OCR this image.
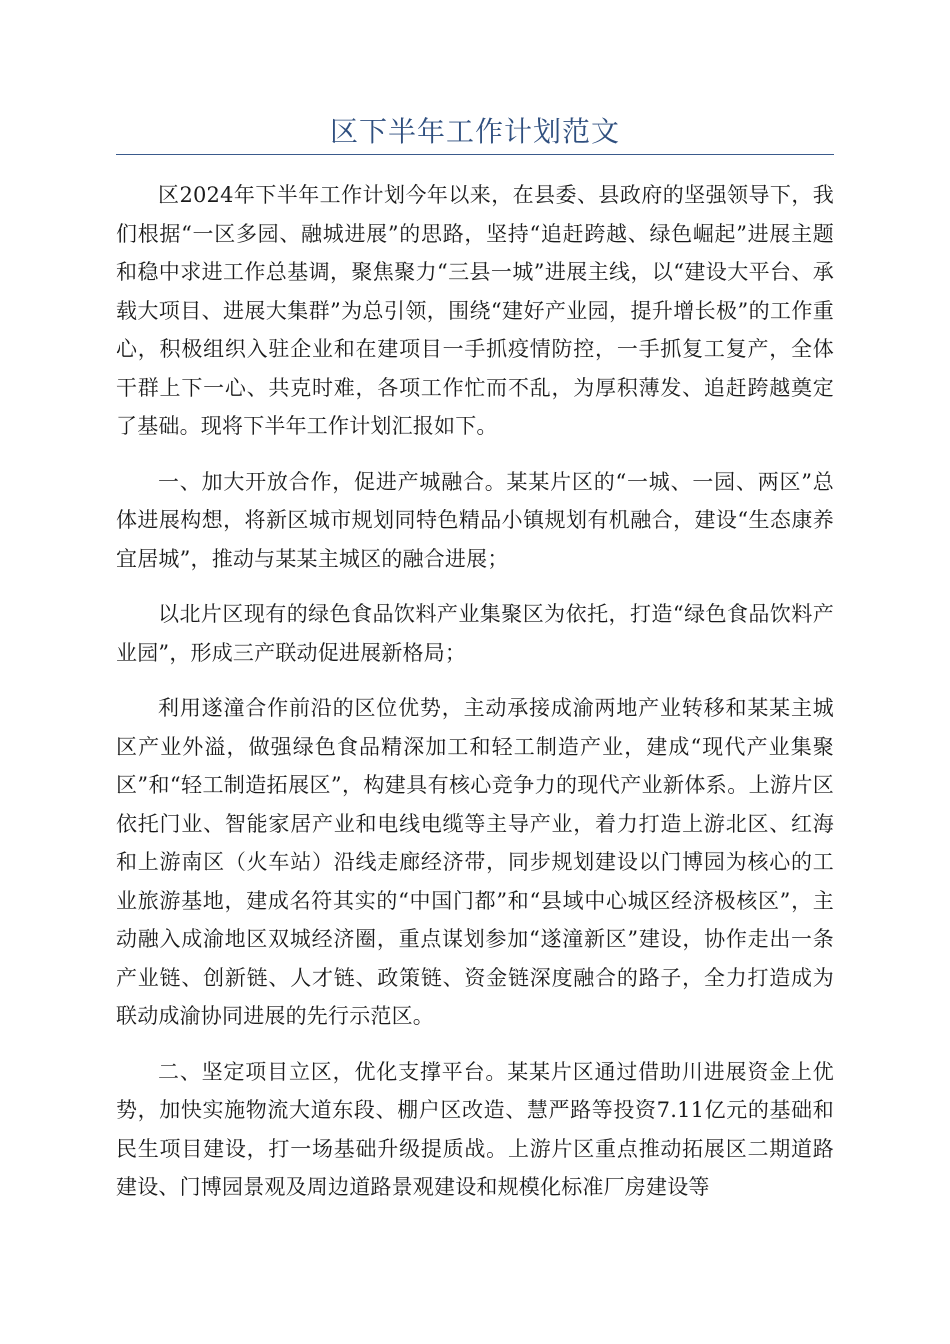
区下半年工作计划范文

区2024年下半年工作计划今年以来，在县委、县政府的坚强领导下，我们根据“一区多园、融城进展”的思路，坚持“追赶跨越、绿色崛起”进展主题和稳中求进工作总基调，聚焦聚力“三县一城”进展主线，以“建设大平台、承载大项目、进展大集群”为总引领，围绕“建好产业园，提升增长极”的工作重心，积极组织入驻企业和在建项目一手抓疫情防控，一手抓复工复产，全体干群上下一心、共克时难，各项工作忙而不乱，为厚积薄发、追赶跨越奠定了基础。现将下半年工作计划汇报如下。

一、加大开放合作，促进产城融合。某某片区的“一城、一园、两区”总体进展构想，将新区城市规划同特色精品小镇规划有机融合，建设“生态康养宜居城”，推动与某某主城区的融合进展；

以北片区现有的绿色食品饮料产业集聚区为依托，打造“绿色食品饮料产业园”，形成三产联动促进展新格局；

利用遂潼合作前沿的区位优势，主动承接成渝两地产业转移和某某主城区产业外溢，做强绿色食品精深加工和轻工制造产业，建成“现代产业集聚区”和“轻工制造拓展区”，构建具有核心竞争力的现代产业新体系。上游片区依托门业、智能家居产业和电线电缆等主导产业，着力打造上游北区、红海和上游南区（火车站）沿线走廊经济带，同步规划建设以门博园为核心的工业旅游基地，建成名符其实的“中国门都”和“县域中心城区经济极核区”，主动融入成渝地区双城经济圈，重点谋划参加“遂潼新区”建设，协作走出一条产业链、创新链、人才链、政策链、资金链深度融合的路子，全力打造成为联动成渝协同进展的先行示范区。

二、坚定项目立区，优化支撑平台。某某片区通过借助川进展资金上优势，加快实施物流大道东段、棚户区改造、慧严路等投资7.11亿元的基础和民生项目建设，打一场基础升级提质战。上游片区重点推动拓展区二期道路建设、门博园景观及周边道路景观建设和规模化标准厂房建设等
